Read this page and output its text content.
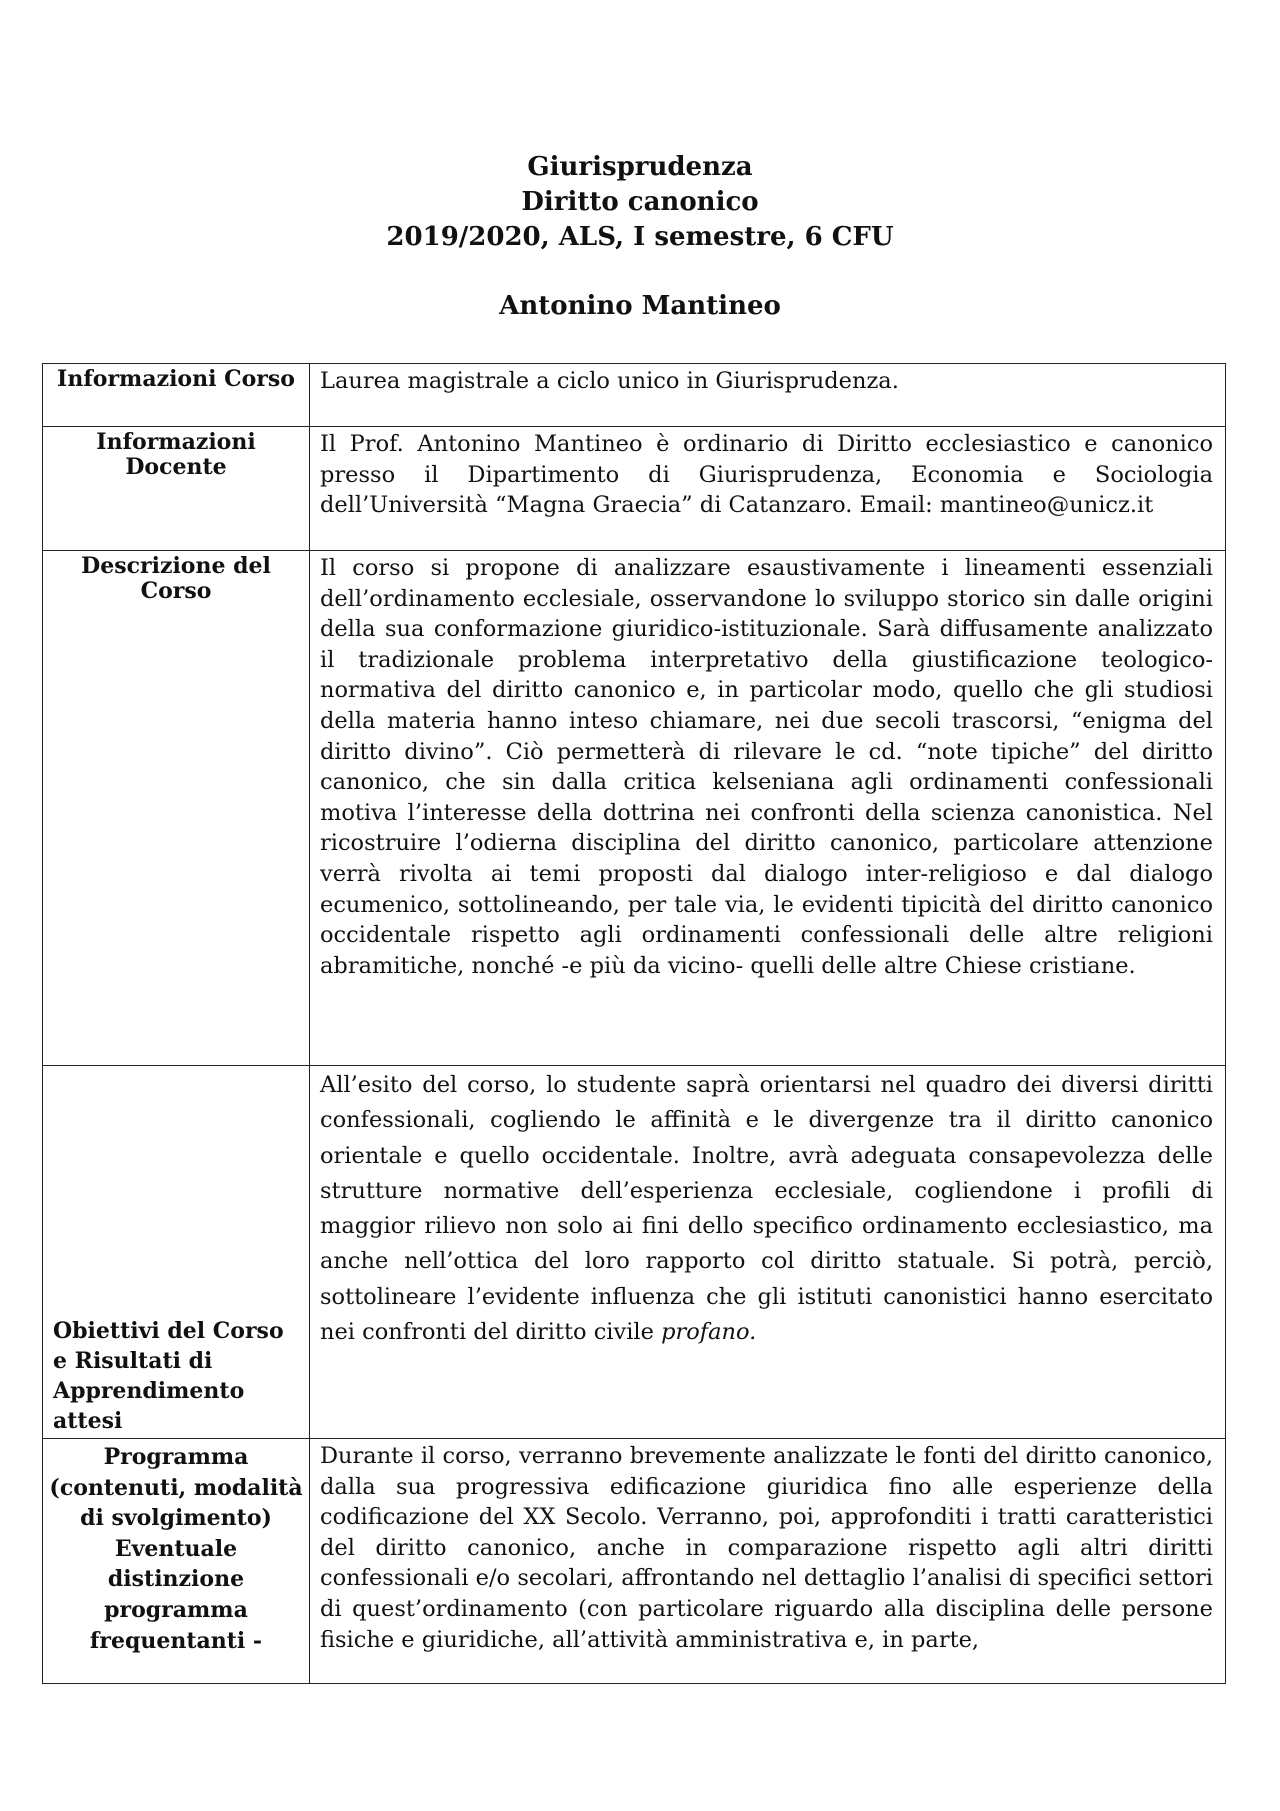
Giurisprudenza
Diritto canonico
2019/2020, ALS, I semestre, 6 CFU
Antonino Mantineo
Informazioni Corso	Laurea magistrale a ciclo unico in Giurisprudenza.
Informazioni Docente	Il Prof. Antonino Mantineo è ordinario di Diritto ecclesiastico e canonico presso il Dipartimento di Giurisprudenza, Economia e Sociologia dell’Università “Magna Graecia” di Catanzaro. Email: mantineo@unicz.it
Descrizione del Corso	Il corso si propone di analizzare esaustivamente i lineamenti essenziali dell’ordinamento ecclesiale, osservandone lo sviluppo storico sin dalle origini della sua conformazione giuridico-istituzionale. Sarà diffusamente analizzato il tradizionale problema interpretativo della giustificazione teologico-normativa del diritto canonico e, in particolar modo, quello che gli studiosi della materia hanno inteso chiamare, nei due secoli trascorsi, “enigma del diritto divino”. Ciò permetterà di rilevare le cd. “note tipiche” del diritto canonico, che sin dalla critica kelseniana agli ordinamenti confessionali motiva l’interesse della dottrina nei confronti della scienza canonistica. Nel ricostruire l’odierna disciplina del diritto canonico, particolare attenzione verrà rivolta ai temi proposti dal dialogo inter-religioso e dal dialogo ecumenico, sottolineando, per tale via, le evidenti tipicità del diritto canonico occidentale rispetto agli ordinamenti confessionali delle altre religioni abramitiche, nonché -e più da vicino- quelli delle altre Chiese cristiane.
Obiettivi del Corso e Risultati di Apprendimento attesi	All’esito del corso, lo studente saprà orientarsi nel quadro dei diversi diritti confessionali, cogliendo le affinità e le divergenze tra il diritto canonico orientale e quello occidentale. Inoltre, avrà adeguata consapevolezza delle strutture normative dell’esperienza ecclesiale, cogliendone i profili di maggior rilievo non solo ai fini dello specifico ordinamento ecclesiastico, ma anche nell’ottica del loro rapporto col diritto statuale. Si potrà, perciò, sottolineare l’evidente influenza che gli istituti canonistici hanno esercitato nei confronti del diritto civile profano.
Programma (contenuti, modalità di svolgimento) Eventuale distinzione programma frequentanti -	Durante il corso, verranno brevemente analizzate le fonti del diritto canonico, dalla sua progressiva edificazione giuridica fino alle esperienze della codificazione del XX Secolo. Verranno, poi, approfonditi i tratti caratteristici del diritto canonico, anche in comparazione rispetto agli altri diritti confessionali e/o secolari, affrontando nel dettaglio l’analisi di specifici settori di quest’ordinamento (con particolare riguardo alla disciplina delle persone fisiche e giuridiche, all’attività amministrativa e, in parte,
